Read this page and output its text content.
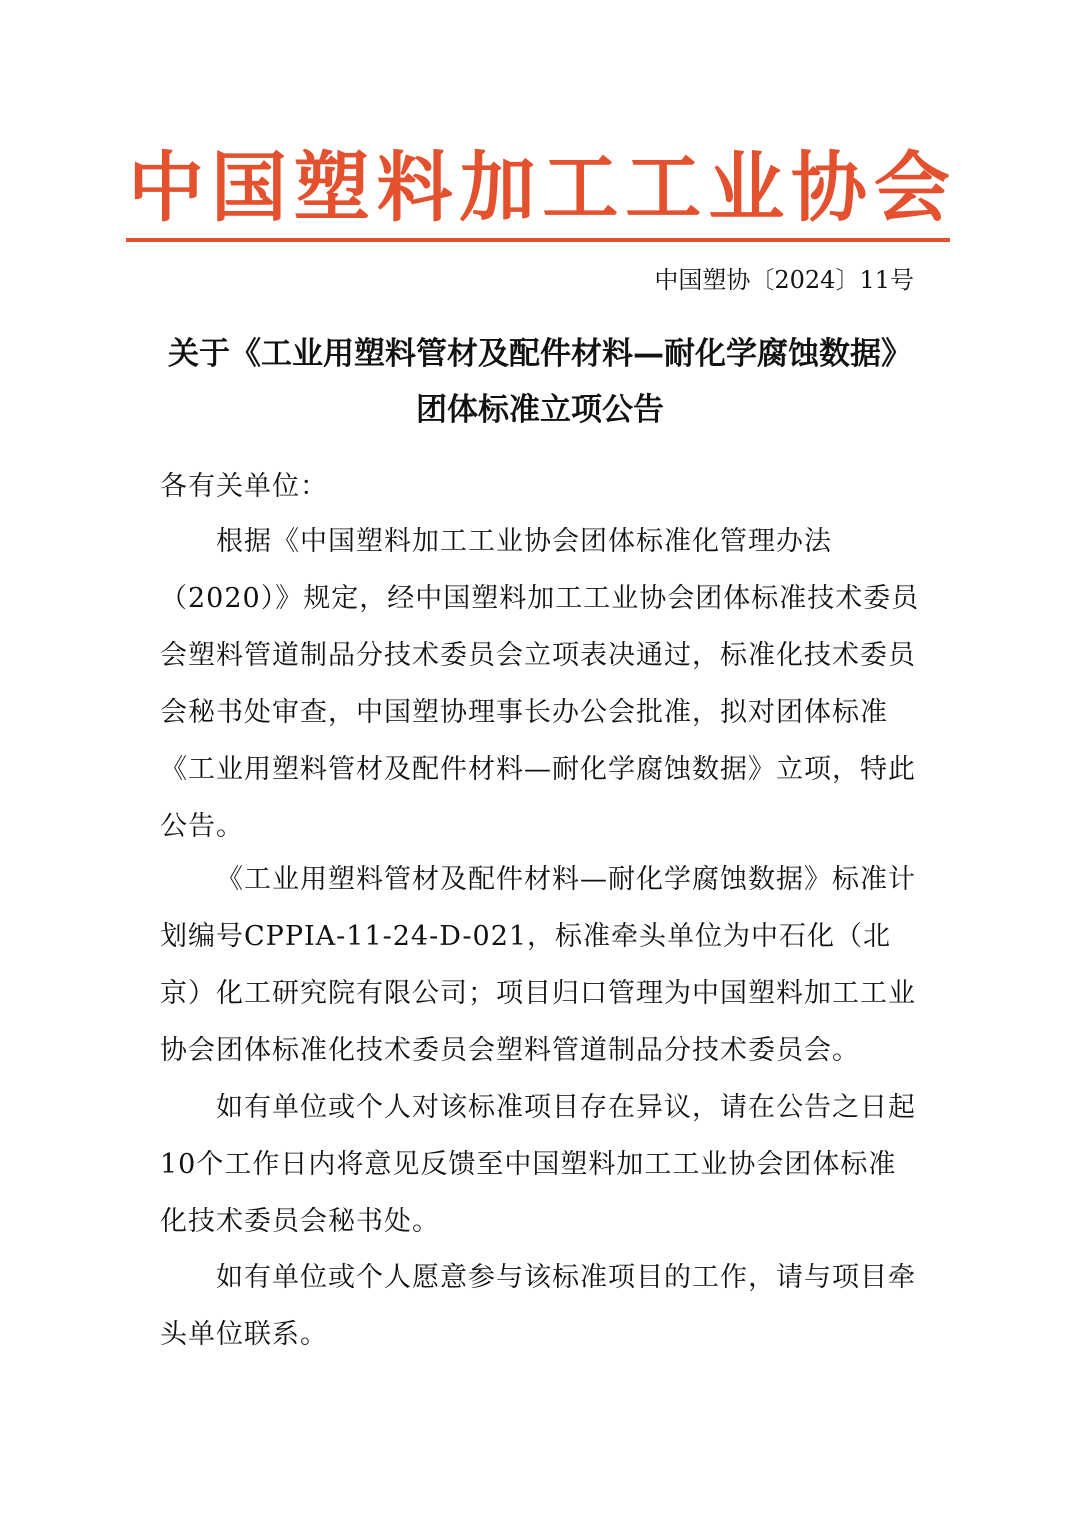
中 国 塑 料 加 工 工 业 协 会
中国塑协〔2024〕11号
关于《工业用塑料管材及配件材料—耐化学腐蚀数据》
团体标准立项公告
各有关单位：

根据《中国塑料加工工业协会团体标准化管理办法（2020）》规定，经中国塑料加工工业协会团体标准技术委员会塑料管道制品分技术委员会立项表决通过，标准化技术委员会秘书处审查，中国塑协理事长办公会批准，拟对团体标准《工业用塑料管材及配件材料—耐化学腐蚀数据》立项，特此公告。

《工业用塑料管材及配件材料—耐化学腐蚀数据》标准计划编号CPPIA-11-24-D-021，标准牵头单位为中石化（北京）化工研究院有限公司；项目归口管理为中国塑料加工工业协会团体标准化技术委员会塑料管道制品分技术委员会。

如有单位或个人对该标准项目存在异议，请在公告之日起10个工作日内将意见反馈至中国塑料加工工业协会团体标准化技术委员会秘书处。

如有单位或个人愿意参与该标准项目的工作，请与项目牵头单位联系。
